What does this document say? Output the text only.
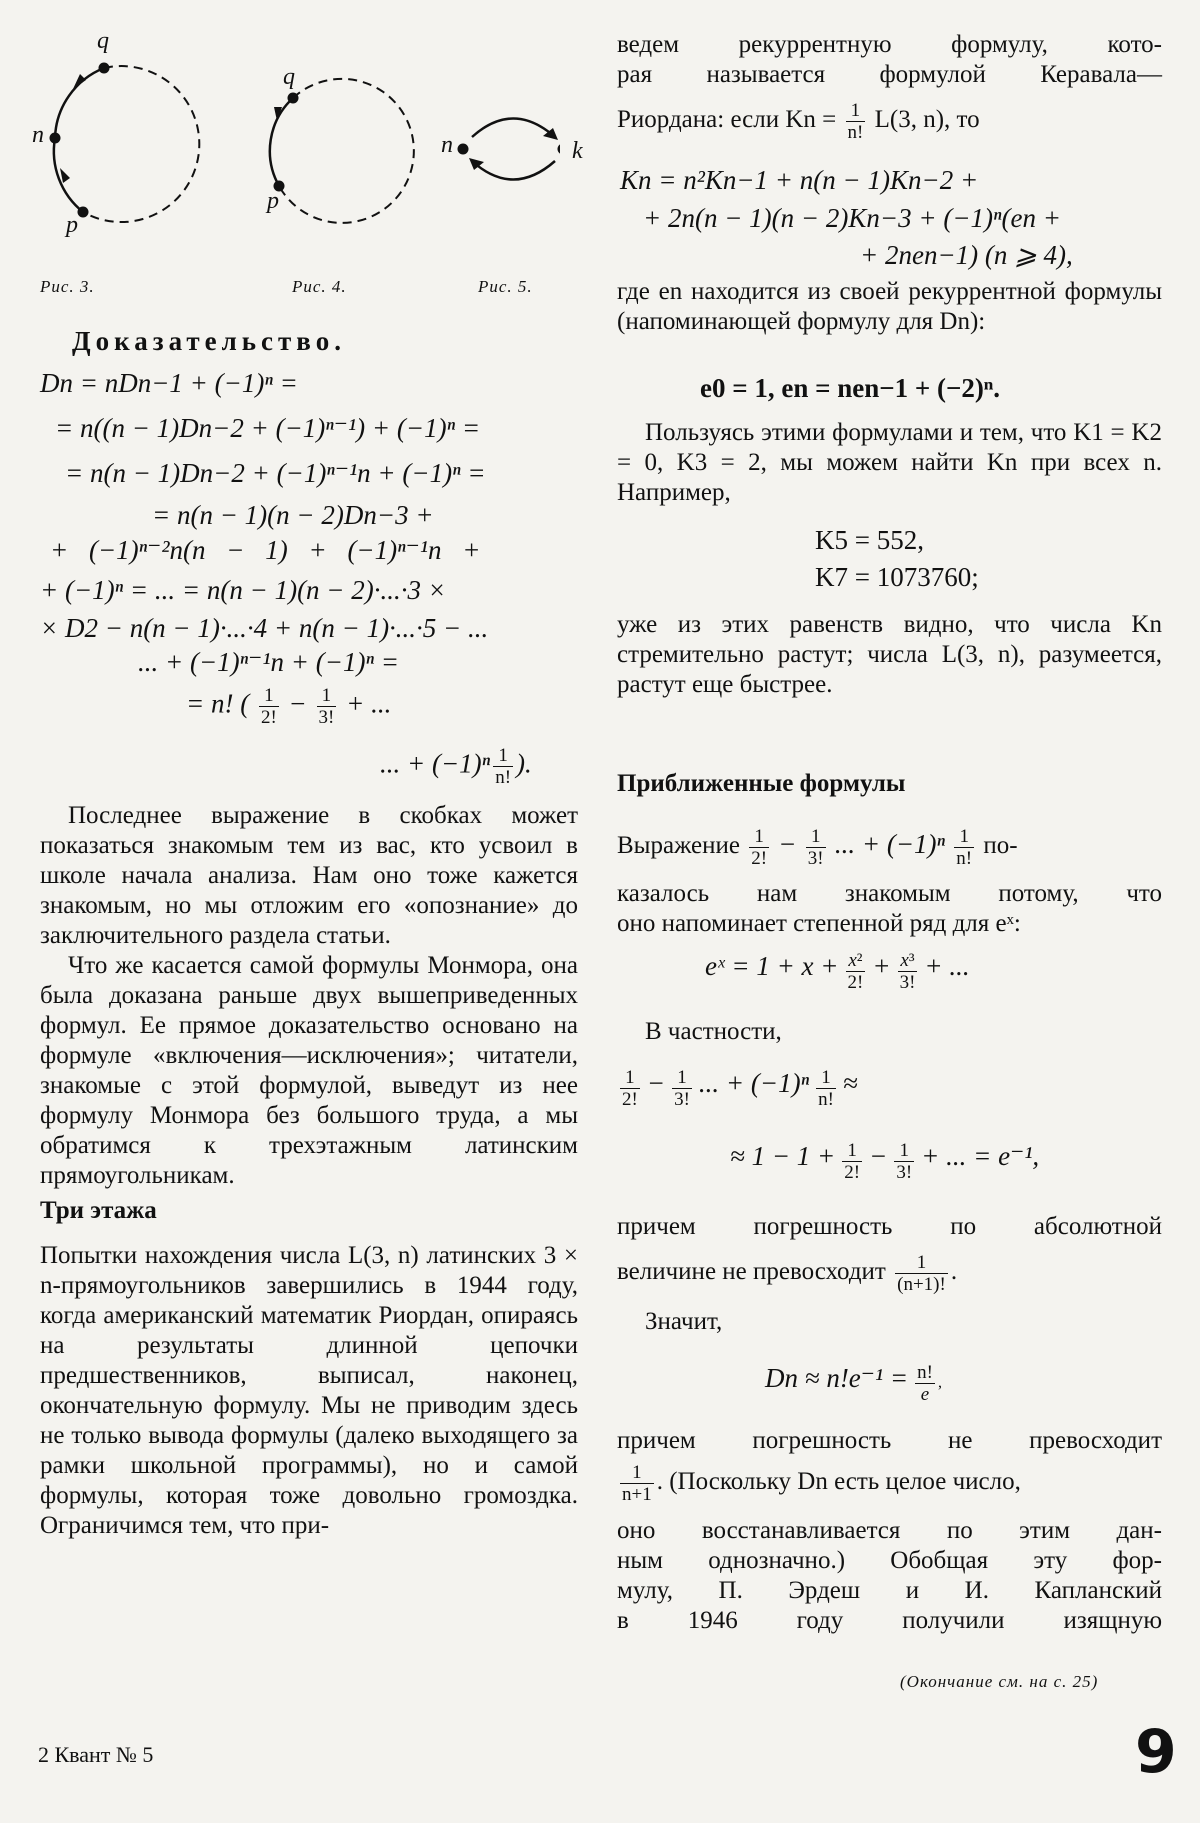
q
n
p
q
p
n	k
Рис. 3.	Рис. 4.	Рис. 5.
Доказательство.
Dn = nDn−1 + (−1)ⁿ =
= n((n − 1)Dn−2 + (−1)ⁿ⁻¹) + (−1)ⁿ =
= n(n − 1)Dn−2 + (−1)ⁿ⁻¹n + (−1)ⁿ =
= n(n − 1)(n − 2)Dn−3 +
+ (−1)ⁿ⁻²n(n − 1) + (−1)ⁿ⁻¹n +
+ (−1)ⁿ = ... = n(n − 1)(n − 2)·...·3 ×
× D2 − n(n − 1)·...·4 + n(n − 1)·...·5 − ...
... + (−1)ⁿ⁻¹n + (−1)ⁿ =
= n! ( $\frac{1}{2!} - \frac{1}{3!}$ + ...
... + $(-1)^n \frac{1}{n!}$ ).

Последнее выражение в скобках может показаться знакомым тем из вас, кто усвоил в школе начала анализа. Нам оно тоже кажется знакомым, но мы отложим его «опознание» до заключительного раздела статьи.

Что же касается самой формулы Монмора, она была доказана раньше двух вышеприведенных формул. Ее прямое доказательство основано на формуле «включения—исключения»; читатели, знакомые с этой формулой, выведут из нее формулу Монмора без большого труда, а мы обратимся к трехэтажным латинским прямоугольникам.

Три этажа

Попытки нахождения числа L(3, n) латинских 3 × n-прямоугольников завершились в 1944 году, когда американский математик Риордан, опираясь на результаты длинной цепочки предшественников, выписал, наконец, окончательную формулу. Мы не приводим здесь не только вывода формулы (далеко выходящего за рамки школьной программы), но и самой формулы, которая тоже довольно громоздка. Ограничимся тем, что при-

ведем рекуррентную формулу, кото-

рая называется формулой Керавала—

Риордана: если $Kn = \frac{1}{n!} L(3$, n), то
Kn = n²Kn−1 + n(n − 1)Kn−2 +
+ 2n(n − 1)(n − 2)Kn−3 + (−1)ⁿ(en +
+ 2nen−1) (n ⩾ 4),

где en находится из своей рекуррентной формулы (напоминающей формулу для Dn):

e0 = 1, en = nen−1 + (−2)ⁿ.

Пользуясь этими формулами и тем, что K1 = K2 = 0, K3 = 2, мы можем найти Kn при всех n. Например,

K5 = 552,
K7 = 1073760;

уже из этих равенств видно, что числа Kn стремительно растут; числа L(3, n), разумеется, растут еще быстрее.

Приближенные формулы
Выражение $\frac{1}{2!} - \frac{1}{3!}$ ... + $(-1)^n \frac{1}{n!} по-$

казалось нам знакомым потому, что

оно напоминает степенной ряд для eˣ:

eˣ = $1 + x + \frac{\text{x²}}{2!} + \frac{\text{x³}}{3!}$ + ...
В частности,
$\frac{1}{2!} - \frac{1}{3!}$ ... + $(-1)^n \frac{1}{n!}$ ≈
≈ $1 - 1 + \frac{1}{2!} - \frac{1}{3!}$ + ... = e⁻¹,

причем погрешность по абсолютной

величине не превосходит $\frac{1}{(n+1)!}$ .
Значит,
$Dn \approx n!e^{-1} = \frac{n!}{e}$ ,

причем погрешность не превосходит

$\frac{1}{n+1}$ . (Поскольку Dn есть целое число,

оно восстанавливается по этим дан-

ным однозначно.) Обобщая эту фор-

мулу, П. Эрдеш и И. Капланский

в 1946 году получили изящную

(Окончание см. на с. 25)
2 Квант № 5	9
